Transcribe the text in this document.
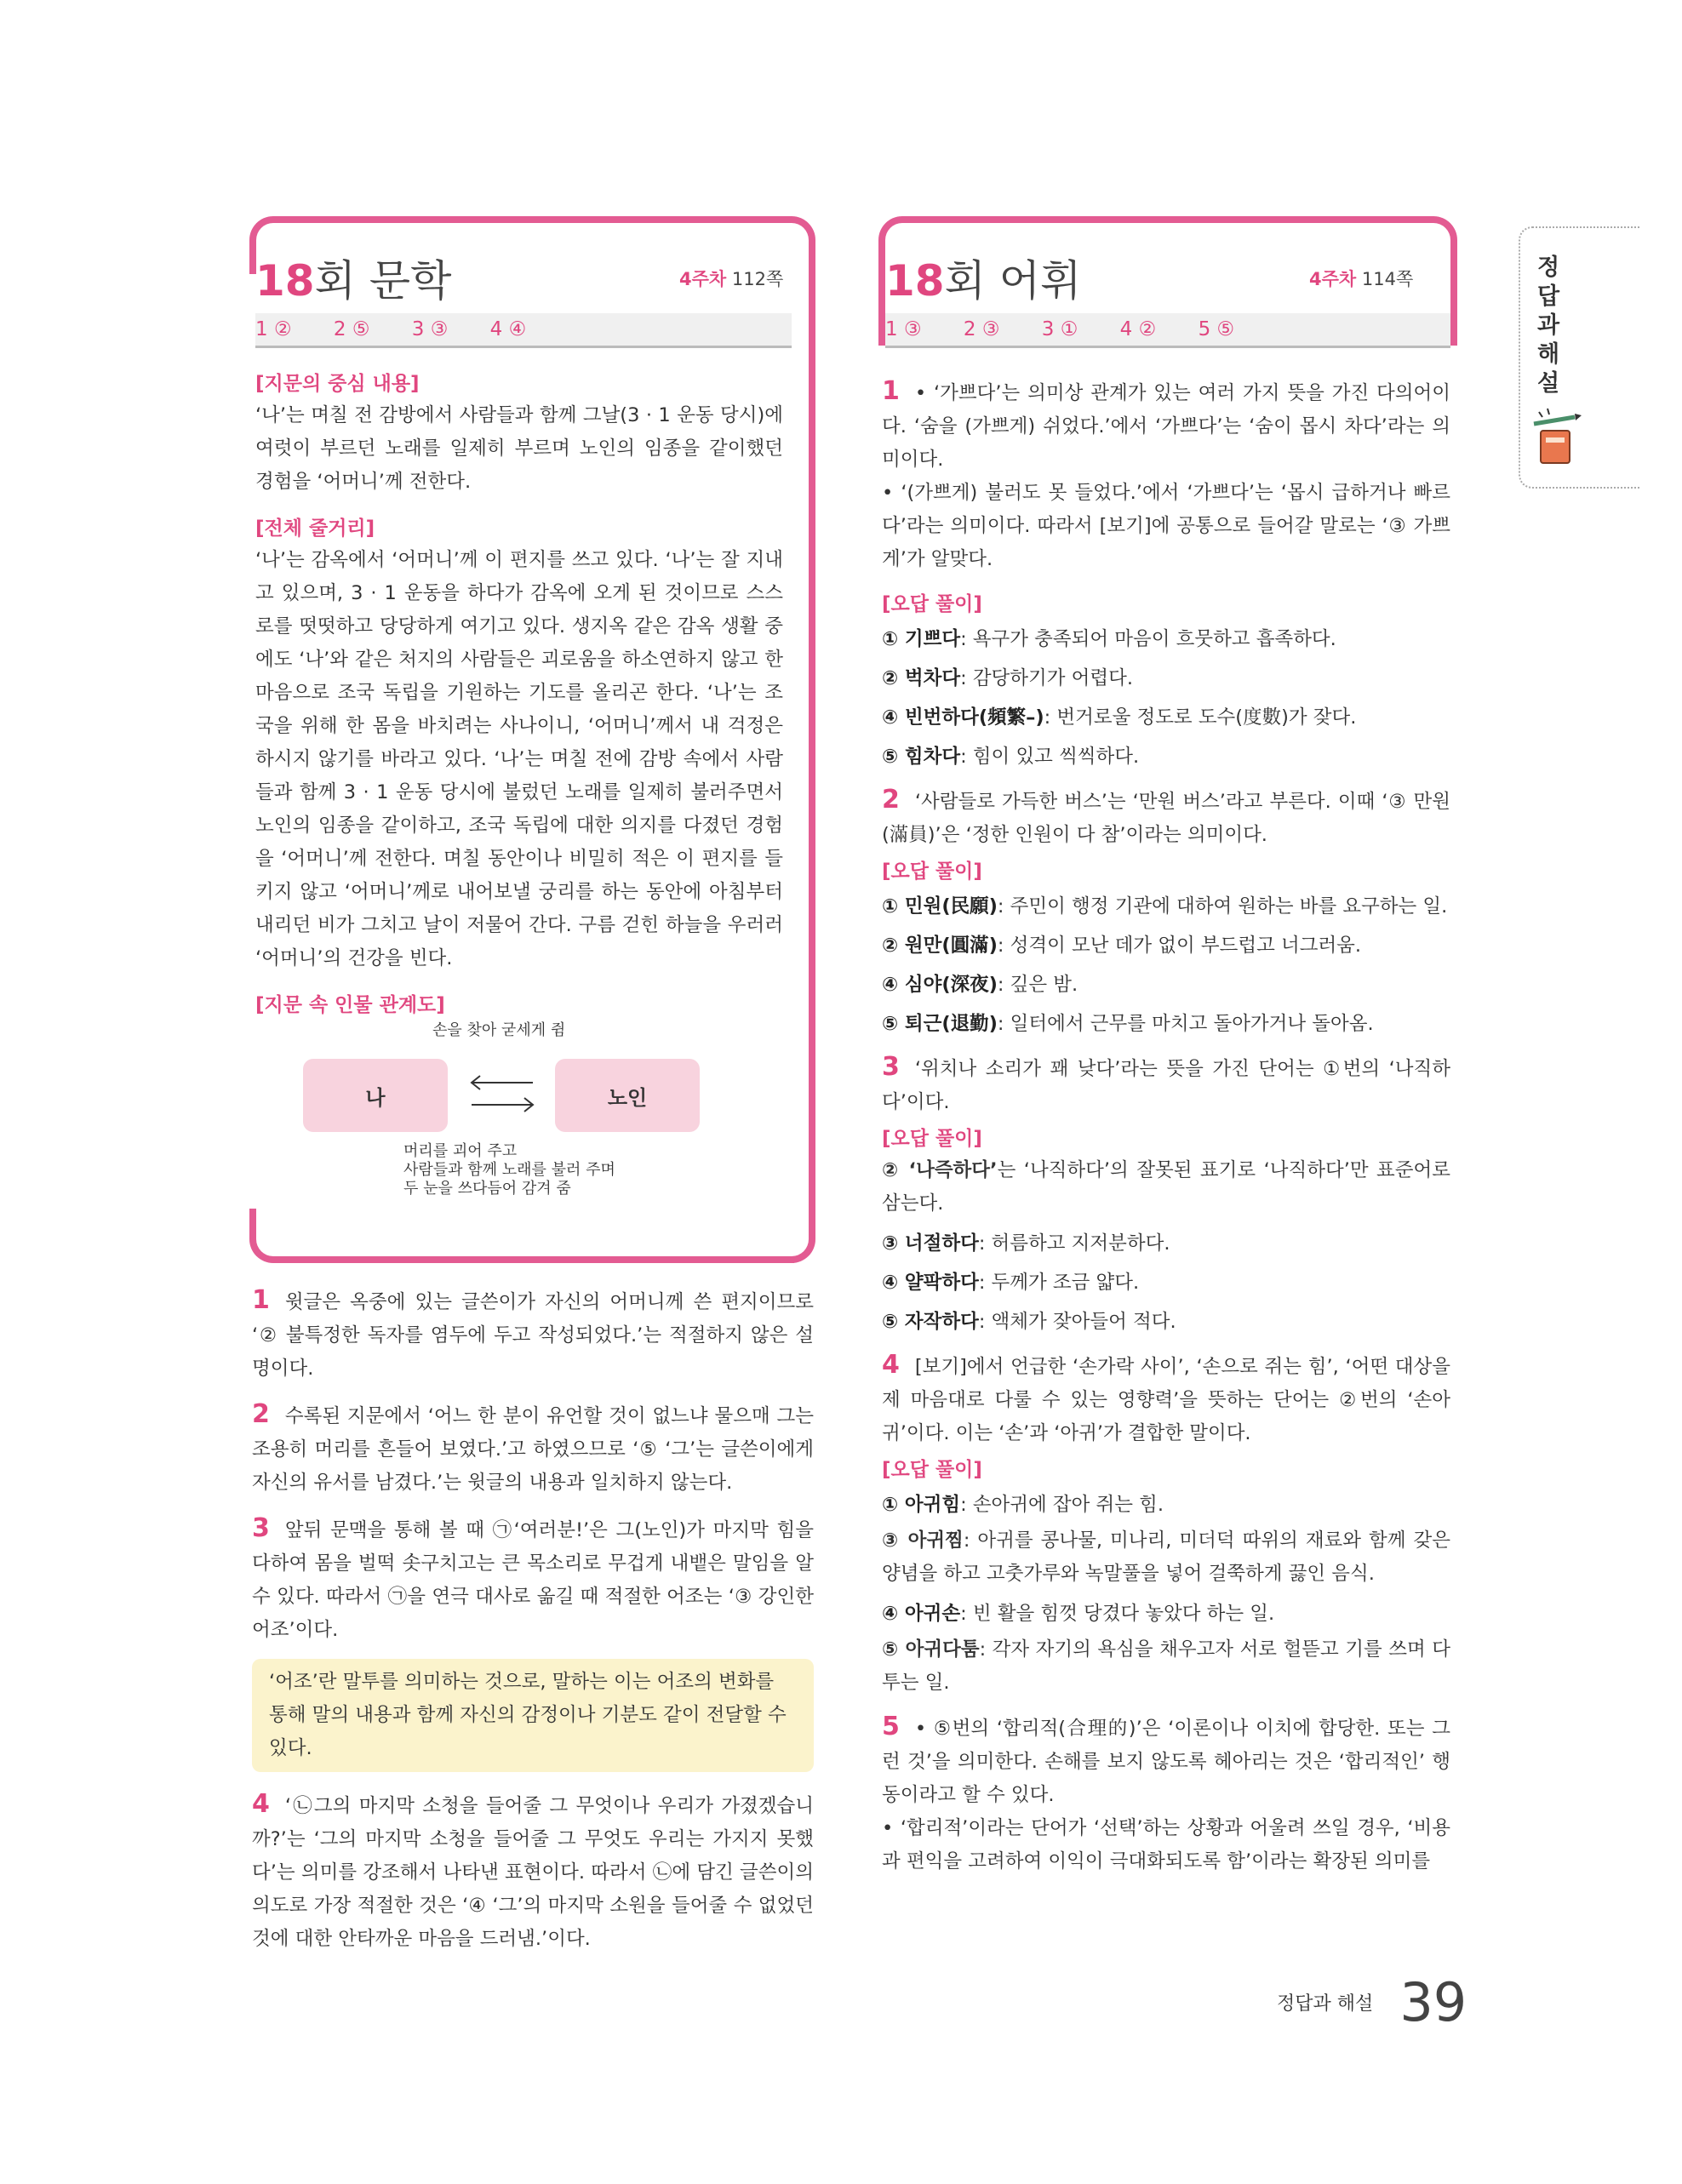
18회 문학	4주차 112쪽
1 ② 2 ⑤ 3 ③ 4 ④
[지문의 중심 내용]

‘나’는 며칠 전 감방에서 사람들과 함께 그날(3 · 1 운동 당시)에 여럿이 부르던 노래를 일제히 부르며 노인의 임종을 같이했던 경험을 ‘어머니’께 전한다.

[전체 줄거리]

‘나’는 감옥에서 ‘어머니’께 이 편지를 쓰고 있다. ‘나’는 잘 지내고 있으며, 3 · 1 운동을 하다가 감옥에 오게 된 것이므로 스스로를 떳떳하고 당당하게 여기고 있다. 생지옥 같은 감옥 생활 중에도 ‘나’와 같은 처지의 사람들은 괴로움을 하소연하지 않고 한마음으로 조국 독립을 기원하는 기도를 올리곤 한다. ‘나’는 조국을 위해 한 몸을 바치려는 사나이니, ‘어머니’께서 내 걱정은 하시지 않기를 바라고 있다. ‘나’는 며칠 전에 감방 속에서 사람들과 함께 3 · 1 운동 당시에 불렀던 노래를 일제히 불러주면서 노인의 임종을 같이하고, 조국 독립에 대한 의지를 다졌던 경험을 ‘어머니’께 전한다. 며칠 동안이나 비밀히 적은 이 편지를 들키지 않고 ‘어머니’께로 내어보낼 궁리를 하는 동안에 아침부터 내리던 비가 그치고 날이 저물어 간다. 구름 걷힌 하늘을 우러러 ‘어머니’의 건강을 빈다.

[지문 속 인물 관계도]
손을 찾아 굳세게 쥠
나	노인
머리를 괴어 주고
사람들과 함께 노래를 불러 주며
두 눈을 쓰다듬어 감겨 줌

1 윗글은 옥중에 있는 글쓴이가 자신의 어머니께 쓴 편지이므로 ‘② 불특정한 독자를 염두에 두고 작성되었다.’는 적절하지 않은 설명이다.

2 수록된 지문에서 ‘어느 한 분이 유언할 것이 없느냐 물으매 그는 조용히 머리를 흔들어 보였다.’고 하였으므로 ‘⑤ ‘그’는 글쓴이에게 자신의 유서를 남겼다.’는 윗글의 내용과 일치하지 않는다.

3 앞뒤 문맥을 통해 볼 때 ㉠‘여러분!’은 그(노인)가 마지막 힘을 다하여 몸을 벌떡 솟구치고는 큰 목소리로 무겁게 내뱉은 말임을 알 수 있다. 따라서 ㉠을 연극 대사로 옮길 때 적절한 어조는 ‘③ 강인한 어조’이다.

‘어조’란 말투를 의미하는 것으로, 말하는 이는 어조의 변화를 통해 말의 내용과 함께 자신의 감정이나 기분도 같이 전달할 수 있다.

4 ‘㉡그의 마지막 소청을 들어줄 그 무엇이나 우리가 가졌겠습니까?’는 ‘그의 마지막 소청을 들어줄 그 무엇도 우리는 가지지 못했다’는 의미를 강조해서 나타낸 표현이다. 따라서 ㉡에 담긴 글쓴이의 의도로 가장 적절한 것은 ‘④ ‘그’의 마지막 소원을 들어줄 수 없었던 것에 대한 안타까운 마음을 드러냄.’이다.

18회 어휘	4주차 114쪽
1 ③ 2 ③ 3 ① 4 ② 5 ⑤

1 • ‘가쁘다’는 의미상 관계가 있는 여러 가지 뜻을 가진 다의어이다. ‘숨을 (가쁘게) 쉬었다.’에서 ‘가쁘다’는 ‘숨이 몹시 차다’라는 의미이다.

• ‘(가쁘게) 불러도 못 들었다.’에서 ‘가쁘다’는 ‘몹시 급하거나 빠르다’라는 의미이다. 따라서 [보기]에 공통으로 들어갈 말로는 ‘③ 가쁘게’가 알맞다.

[오답 풀이]

① 기쁘다: 욕구가 충족되어 마음이 흐뭇하고 흡족하다.

② 벅차다: 감당하기가 어렵다.

④ 빈번하다(頻繁–): 번거로울 정도로 도수(度數)가 잦다.

⑤ 힘차다: 힘이 있고 씩씩하다.

2 ‘사람들로 가득한 버스’는 ‘만원 버스’라고 부른다. 이때 ‘③ 만원(滿員)’은 ‘정한 인원이 다 참’이라는 의미이다.

[오답 풀이]

① 민원(民願): 주민이 행정 기관에 대하여 원하는 바를 요구하는 일.

② 원만(圓滿): 성격이 모난 데가 없이 부드럽고 너그러움.

④ 심야(深夜): 깊은 밤.

⑤ 퇴근(退勤): 일터에서 근무를 마치고 돌아가거나 돌아옴.

3 ‘위치나 소리가 꽤 낮다’라는 뜻을 가진 단어는 ①번의 ‘나직하다’이다.

[오답 풀이]

② ‘나즉하다’는 ‘나직하다’의 잘못된 표기로 ‘나직하다’만 표준어로 삼는다.

③ 너절하다: 허름하고 지저분하다.

④ 얄팍하다: 두께가 조금 얇다.

⑤ 자작하다: 액체가 잦아들어 적다.

4 [보기]에서 언급한 ‘손가락 사이’, ‘손으로 쥐는 힘’, ‘어떤 대상을 제 마음대로 다룰 수 있는 영향력’을 뜻하는 단어는 ②번의 ‘손아귀’이다. 이는 ‘손’과 ‘아귀’가 결합한 말이다.

[오답 풀이]

① 아귀힘: 손아귀에 잡아 쥐는 힘.

③ 아귀찜: 아귀를 콩나물, 미나리, 미더덕 따위의 재료와 함께 갖은 양념을 하고 고춧가루와 녹말풀을 넣어 걸쭉하게 끓인 음식.

④ 아귀손: 빈 활을 힘껏 당겼다 놓았다 하는 일.

⑤ 아귀다툼: 각자 자기의 욕심을 채우고자 서로 헐뜯고 기를 쓰며 다투는 일.

5 • ⑤번의 ‘합리적(合理的)’은 ‘이론이나 이치에 합당한. 또는 그런 것’을 의미한다. 손해를 보지 않도록 헤아리는 것은 ‘합리적인’ 행동이라고 할 수 있다.

• ‘합리적’이라는 단어가 ‘선택’하는 상황과 어울려 쓰일 경우, ‘비용과 편익을 고려하여 이익이 극대화되도록 함’이라는 확장된 의미를

정
답
과
해
설
정답과 해설 39
